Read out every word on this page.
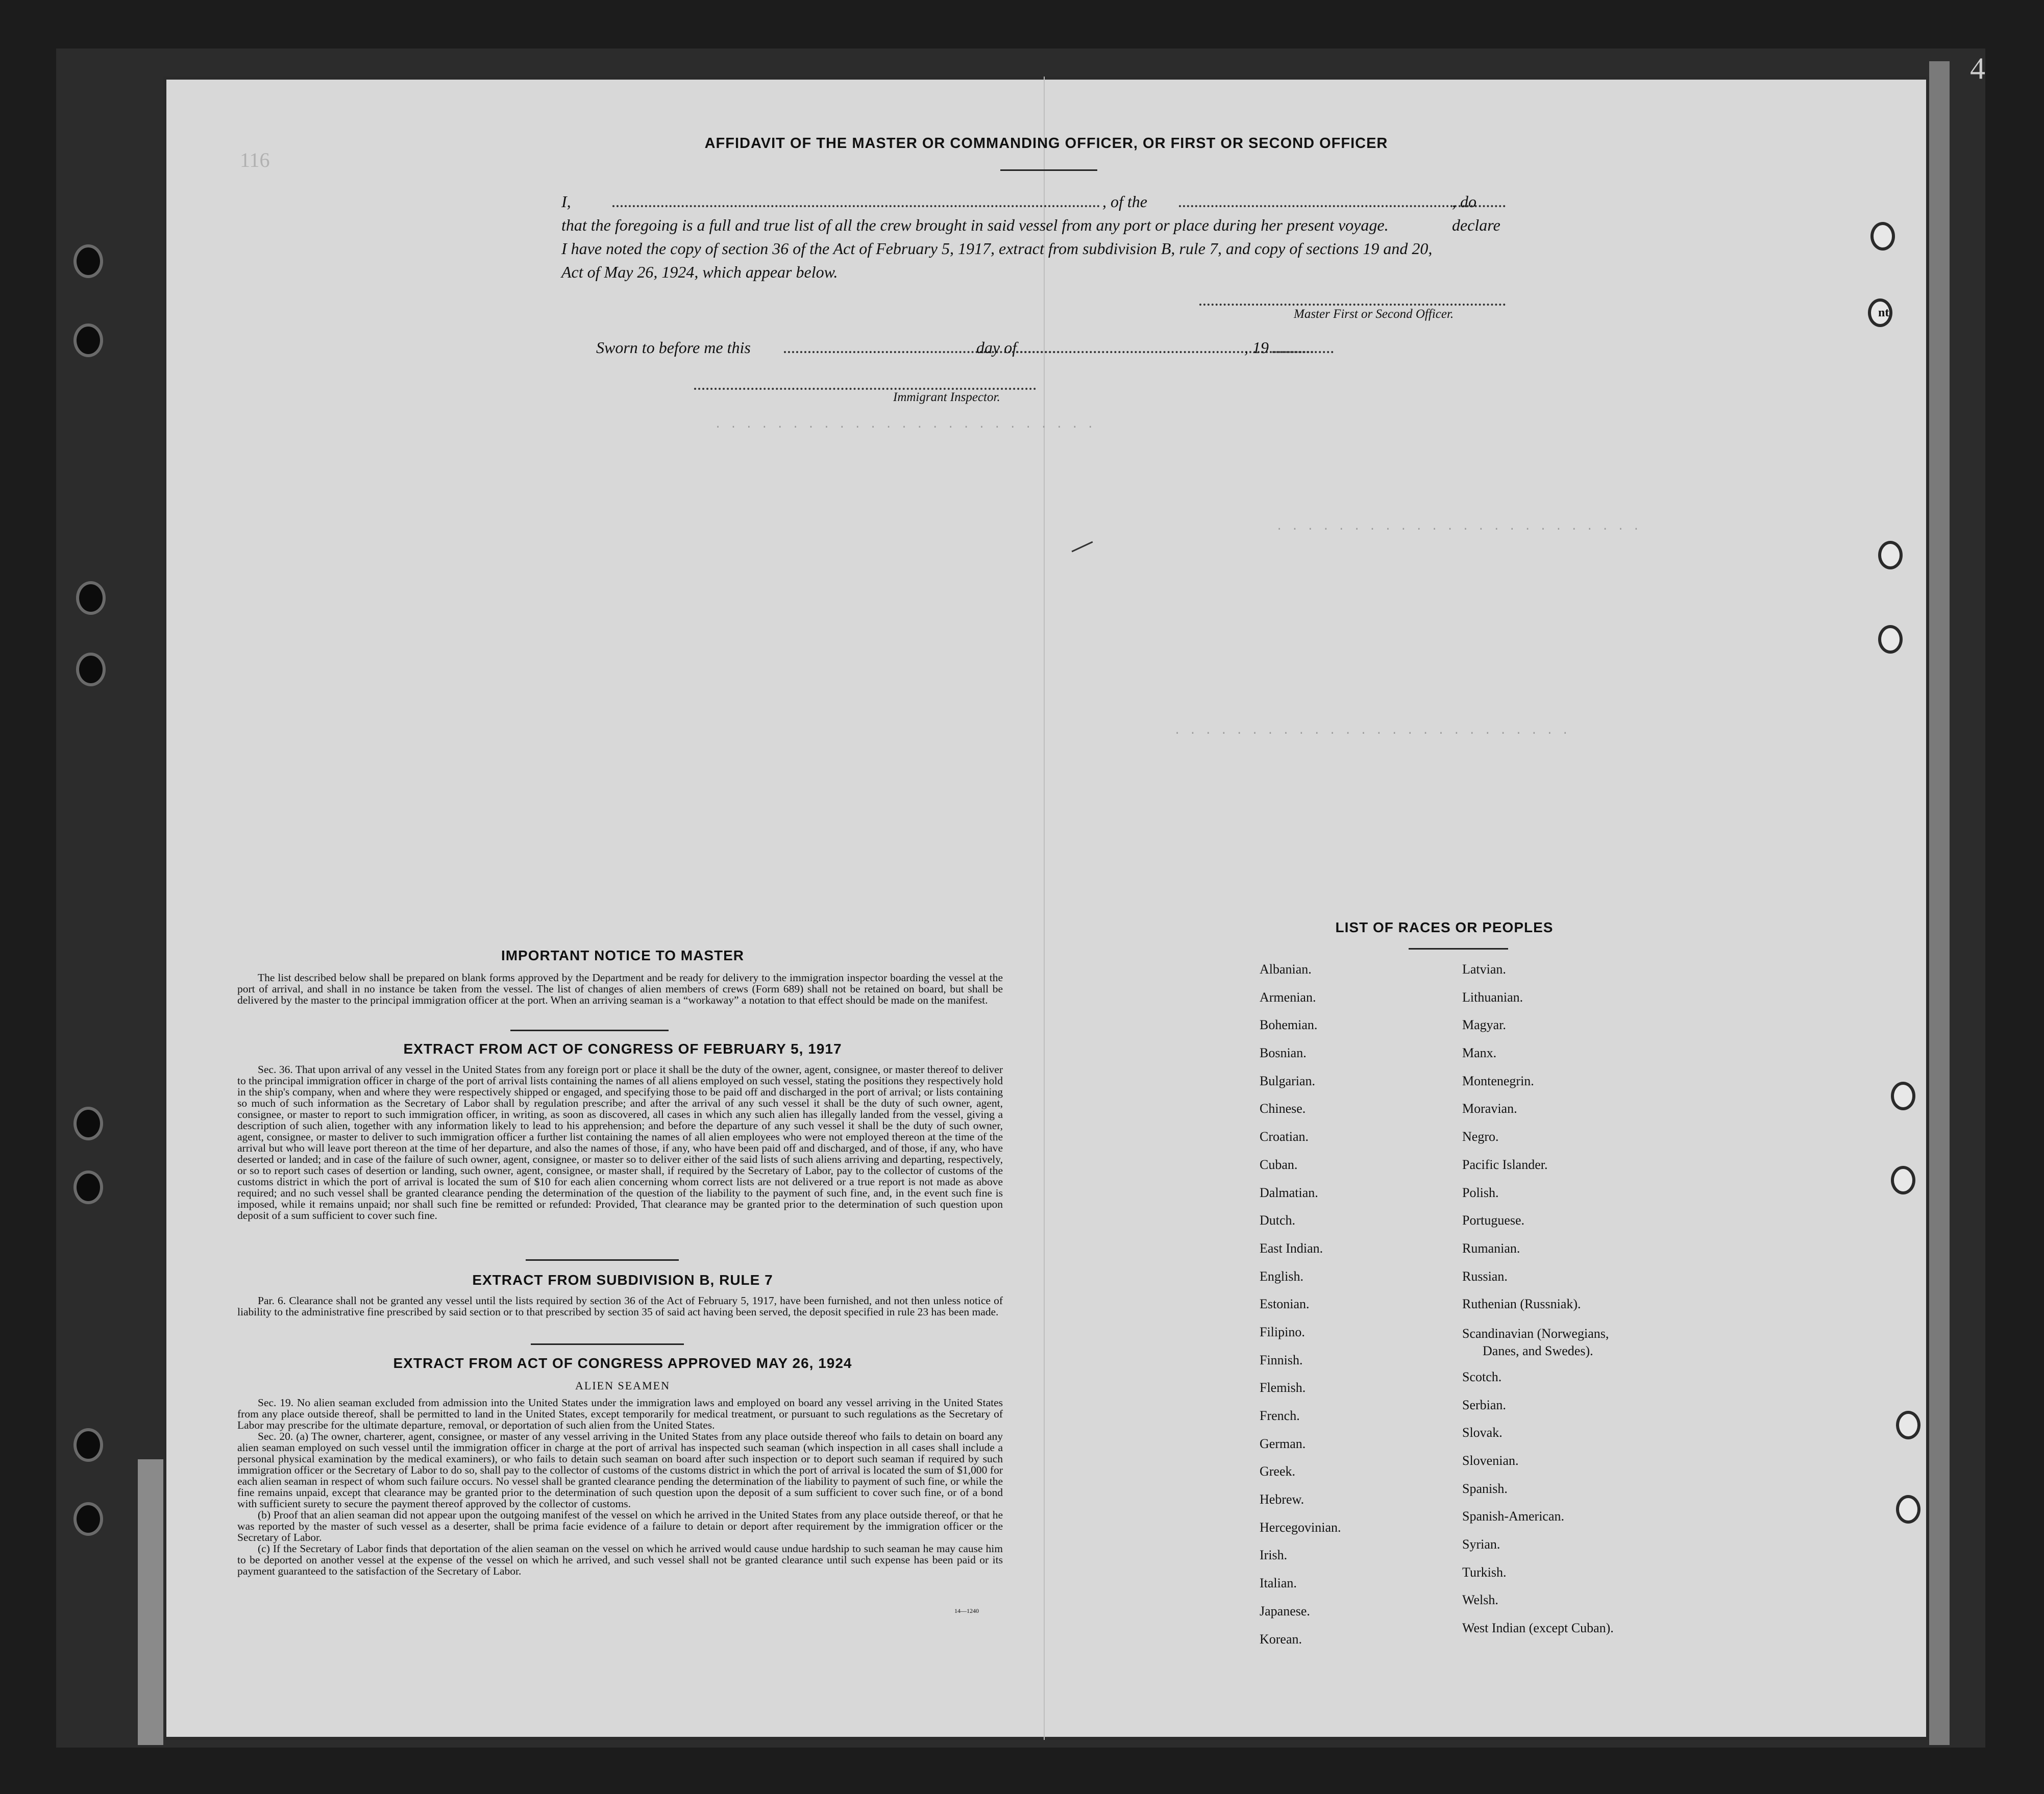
116
4
nt
. . . . . . . . . . . . . . . . . . . . . . . . .
. . . . . . . . . . . . . . . . . . . . . . . .
. . . . . . . . . . . . . . . . . . . . . . . . . .
AFFIDAVIT OF THE MASTER OR COMMANDING OFFICER, OR FIRST OR SECOND OFFICER
I,	, of the	, do declare
that the foregoing is a full and true list of all the crew brought in said vessel from any port or place during her present voyage.
I have noted the copy of section 36 of the Act of February 5, 1917, extract from subdivision B, rule 7, and copy of sections 19 and 20,
Act of May 26, 1924, which appear below.
Master First or Second Officer.
Sworn to before me this	day of	, 19
Immigrant Inspector.
IMPORTANT NOTICE TO MASTER

The list described below shall be prepared on blank forms approved by the Department and be ready for delivery to the immigration inspector boarding the vessel at the port of arrival, and shall in no instance be taken from the vessel. The list of changes of alien members of crews (Form 689) shall not be retained on board, but shall be delivered by the master to the principal immigration officer at the port. When an arriving seaman is a “workaway” a notation to that effect should be made on the manifest.

EXTRACT FROM ACT OF CONGRESS OF FEBRUARY 5, 1917

Sec. 36. That upon arrival of any vessel in the United States from any foreign port or place it shall be the duty of the owner, agent, consignee, or master thereof to deliver to the principal immigration officer in charge of the port of arrival lists containing the names of all aliens employed on such vessel, stating the positions they respectively hold in the ship's company, when and where they were respectively shipped or engaged, and specifying those to be paid off and discharged in the port of arrival; or lists containing so much of such information as the Secretary of Labor shall by regulation prescribe; and after the arrival of any such vessel it shall be the duty of such owner, agent, consignee, or master to report to such immigration officer, in writing, as soon as discovered, all cases in which any such alien has illegally landed from the vessel, giving a description of such alien, together with any information likely to lead to his apprehension; and before the departure of any such vessel it shall be the duty of such owner, agent, consignee, or master to deliver to such immigration officer a further list containing the names of all alien employees who were not employed thereon at the time of the arrival but who will leave port thereon at the time of her departure, and also the names of those, if any, who have been paid off and discharged, and of those, if any, who have deserted or landed; and in case of the failure of such owner, agent, consignee, or master so to deliver either of the said lists of such aliens arriving and departing, respectively, or so to report such cases of desertion or landing, such owner, agent, consignee, or master shall, if required by the Secretary of Labor, pay to the collector of customs of the customs district in which the port of arrival is located the sum of $10 for each alien concerning whom correct lists are not delivered or a true report is not made as above required; and no such vessel shall be granted clearance pending the determination of the question of the liability to the payment of such fine, and, in the event such fine is imposed, while it remains unpaid; nor shall such fine be remitted or refunded: Provided, That clearance may be granted prior to the determination of such question upon deposit of a sum sufficient to cover such fine.

EXTRACT FROM SUBDIVISION B, RULE 7

Par. 6. Clearance shall not be granted any vessel until the lists required by section 36 of the Act of February 5, 1917, have been furnished, and not then unless notice of liability to the administrative fine prescribed by said section or to that prescribed by section 35 of said act having been served, the deposit specified in rule 23 has been made.

EXTRACT FROM ACT OF CONGRESS APPROVED MAY 26, 1924
ALIEN SEAMEN

Sec. 19. No alien seaman excluded from admission into the United States under the immigration laws and employed on board any vessel arriving in the United States from any place outside thereof, shall be permitted to land in the United States, except temporarily for medical treatment, or pursuant to such regulations as the Secretary of Labor may prescribe for the ultimate departure, removal, or deportation of such alien from the United States.

Sec. 20. (a) The owner, charterer, agent, consignee, or master of any vessel arriving in the United States from any place outside thereof who fails to detain on board any alien seaman employed on such vessel until the immigration officer in charge at the port of arrival has inspected such seaman (which inspection in all cases shall include a personal physical examination by the medical examiners), or who fails to detain such seaman on board after such inspection or to deport such seaman if required by such immigration officer or the Secretary of Labor to do so, shall pay to the collector of customs of the customs district in which the port of arrival is located the sum of $1,000 for each alien seaman in respect of whom such failure occurs. No vessel shall be granted clearance pending the determination of the liability to payment of such fine, or while the fine remains unpaid, except that clearance may be granted prior to the determination of such question upon the deposit of a sum sufficient to cover such fine, or of a bond with sufficient surety to secure the payment thereof approved by the collector of customs.

(b) Proof that an alien seaman did not appear upon the outgoing manifest of the vessel on which he arrived in the United States from any place outside thereof, or that he was reported by the master of such vessel as a deserter, shall be prima facie evidence of a failure to detain or deport after requirement by the immigration officer or the Secretary of Labor.

(c) If the Secretary of Labor finds that deportation of the alien seaman on the vessel on which he arrived would cause undue hardship to such seaman he may cause him to be deported on another vessel at the expense of the vessel on which he arrived, and such vessel shall not be granted clearance until such expense has been paid or its payment guaranteed to the satisfaction of the Secretary of Labor.

14—1240
LIST OF RACES OR PEOPLES
Albanian.
Armenian.
Bohemian.
Bosnian.
Bulgarian.
Chinese.
Croatian.
Cuban.
Dalmatian.
Dutch.
East Indian.
English.
Estonian.
Filipino.
Finnish.
Flemish.
French.
German.
Greek.
Hebrew.
Hercegovinian.
Irish.
Italian.
Japanese.
Korean.
Latvian.
Lithuanian.
Magyar.
Manx.
Montenegrin.
Moravian.
Negro.
Pacific Islander.
Polish.
Portuguese.
Rumanian.
Russian.
Ruthenian (Russniak).
Scandinavian (Norwegians,
Danes, and Swedes).
Scotch.
Serbian.
Slovak.
Slovenian.
Spanish.
Spanish-American.
Syrian.
Turkish.
Welsh.
West Indian (except Cuban).
